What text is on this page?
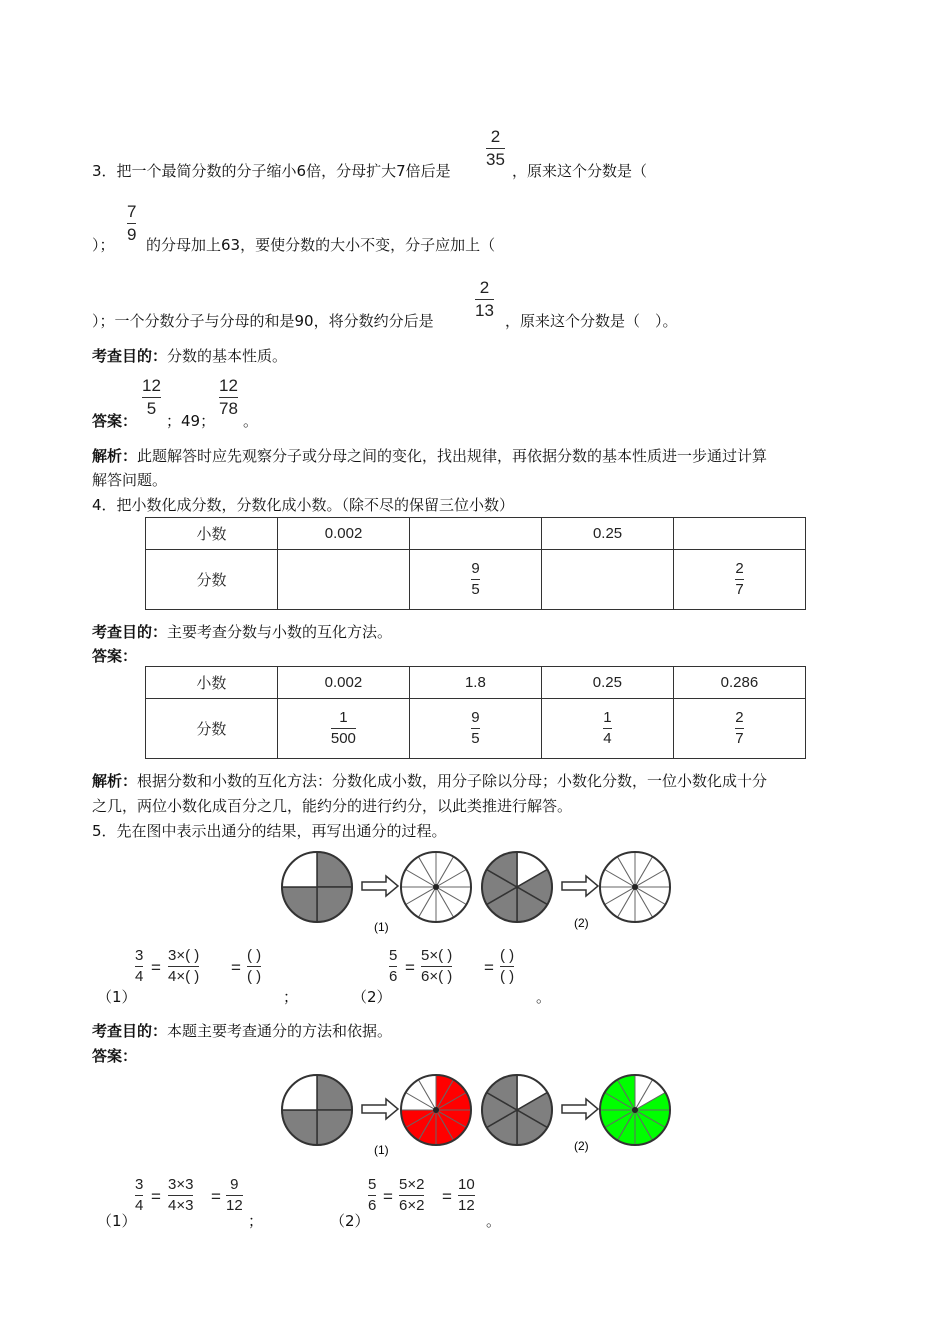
2
35
3．把一个最简分数的分子缩小6倍，分母扩大7倍后是	，原来这个分数是（
7
9
）； 的分母加上63，要使分数的大小不变，分子应加上（
2
13
）；一个分数分子与分母的和是90，将分数约分后是	，原来这个分数是（　）。
考查目的：分数的基本性质。
答案：
12
5
；49；
12
78
。
解析：此题解答时应先观察分子或分母之间的变化，找出规律，再依据分数的基本性质进一步通过计算
解答问题。
4．把小数化成分数，分数化成小数。（除不尽的保留三位小数）
小数	0.002		0.25	
分数		$\frac{9}{5}$		$\frac{2}{7}$
考查目的：主要考查分数与小数的互化方法。
答案：
小数	0.002	1.8	0.25	0.286
分数	$\frac{1}{500}$	$\frac{9}{5}$	$\frac{1}{4}$	$\frac{2}{7}$
解析：根据分数和小数的互化方法：分数化成小数，用分子除以分母；小数化分数，一位小数化成十分
之几，两位小数化成百分之几，能约分的进行约分，以此类推进行解答。
5．先在图中表示出通分的结果，再写出通分的过程。
(1)	(2)
（1）
3
4 =
3×( )
4×( ) =
( )
( )
；	（2）
5
6 =
5×( )
6×( ) =
( )
( )
。
考查目的：本题主要考查通分的方法和依据。
答案：
(1)	(2)
（1）
3
4 =
3×3
4×3 =
9
12
；	（2）
5
6 =
5×2
6×2 =
10
12
。
